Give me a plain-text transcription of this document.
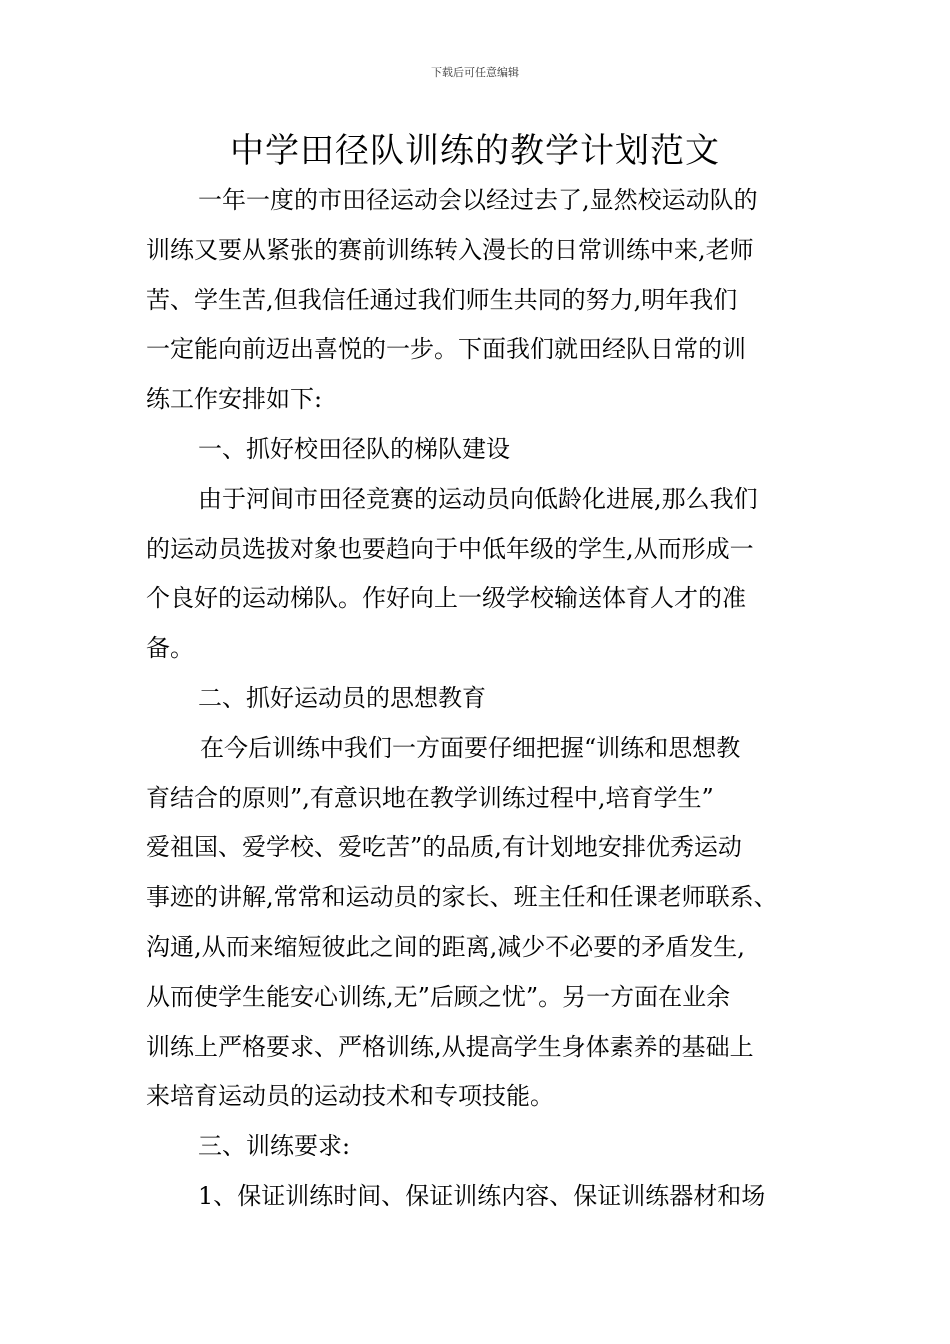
下载后可任意编辑
中学田径队训练的教学计划范文
一年一度的市田径运动会以经过去了,显然校运动队的
训练又要从紧张的赛前训练转入漫长的日常训练中来,老师
苦、学生苦,但我信任通过我们师生共同的努力,明年我们
一定能向前迈出喜悦的一步。下面我们就田经队日常的训
练工作安排如下:
一、抓好校田径队的梯队建设
由于河间市田径竞赛的运动员向低龄化进展,那么我们
的运动员选拔对象也要趋向于中低年级的学生,从而形成一
个良好的运动梯队。作好向上一级学校输送体育人才的准
备。
二、抓好运动员的思想教育
在今后训练中我们一方面要仔细把握“训练和思想教
育结合的原则”,有意识地在教学训练过程中,培育学生”
爱祖国、爱学校、爱吃苦”的品质,有计划地安排优秀运动
事迹的讲解,常常和运动员的家长、班主任和任课老师联系、
沟通,从而来缩短彼此之间的距离,减少不必要的矛盾发生,
从而使学生能安心训练,无”后顾之忧”。另一方面在业余
训练上严格要求、严格训练,从提高学生身体素养的基础上
来培育运动员的运动技术和专项技能。
三、训练要求:
1、保证训练时间、保证训练内容、保证训练器材和场
